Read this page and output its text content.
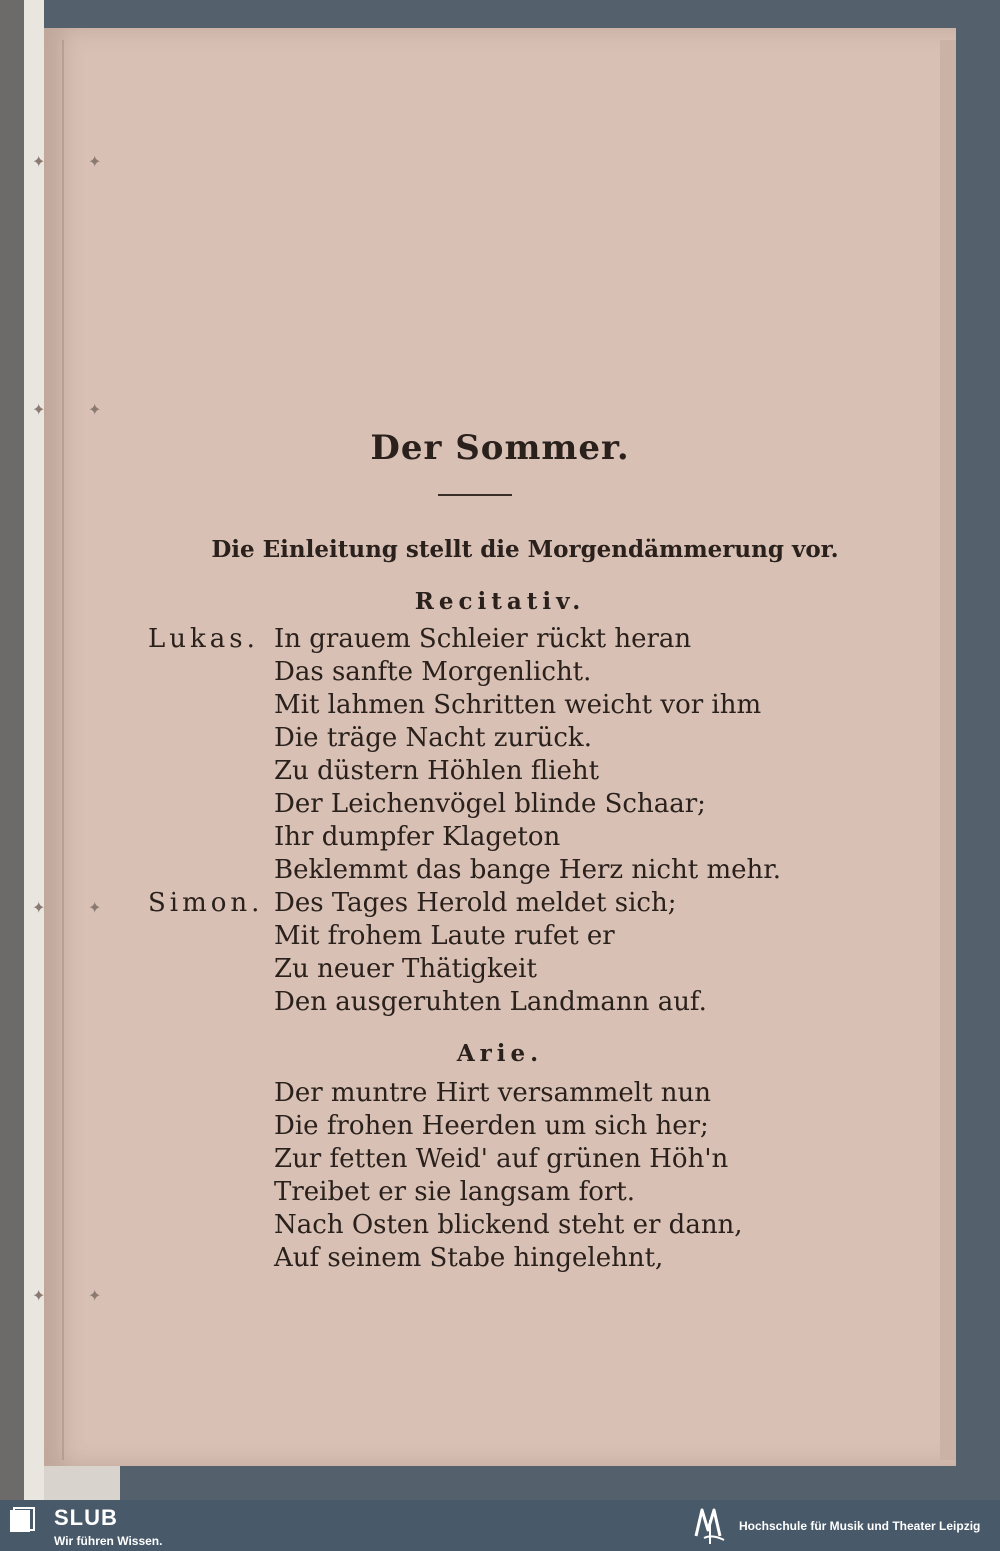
✦	✦
✦	✦
✦	✦
✦	✦
Der Sommer.
Die Einleitung stellt die Morgendämmerung vor.
Recitativ.
Lukas. In grauem Schleier rückt heran
Das sanfte Morgenlicht.
Mit lahmen Schritten weicht vor ihm
Die träge Nacht zurück.
Zu düstern Höhlen flieht
Der Leichenvögel blinde Schaar;
Ihr dumpfer Klageton
Beklemmt das bange Herz nicht mehr.
Simon. Des Tages Herold meldet sich;
Mit frohem Laute rufet er
Zu neuer Thätigkeit
Den ausgeruhten Landmann auf.
Arie.
Der muntre Hirt versammelt nun
Die frohen Heerden um sich her;
Zur fetten Weid' auf grünen Höh'n
Treibet er sie langsam fort.
Nach Osten blickend steht er dann,
Auf seinem Stabe hingelehnt,
SLUB
Wir führen Wissen.
Hochschule für Musik und Theater Leipzig
